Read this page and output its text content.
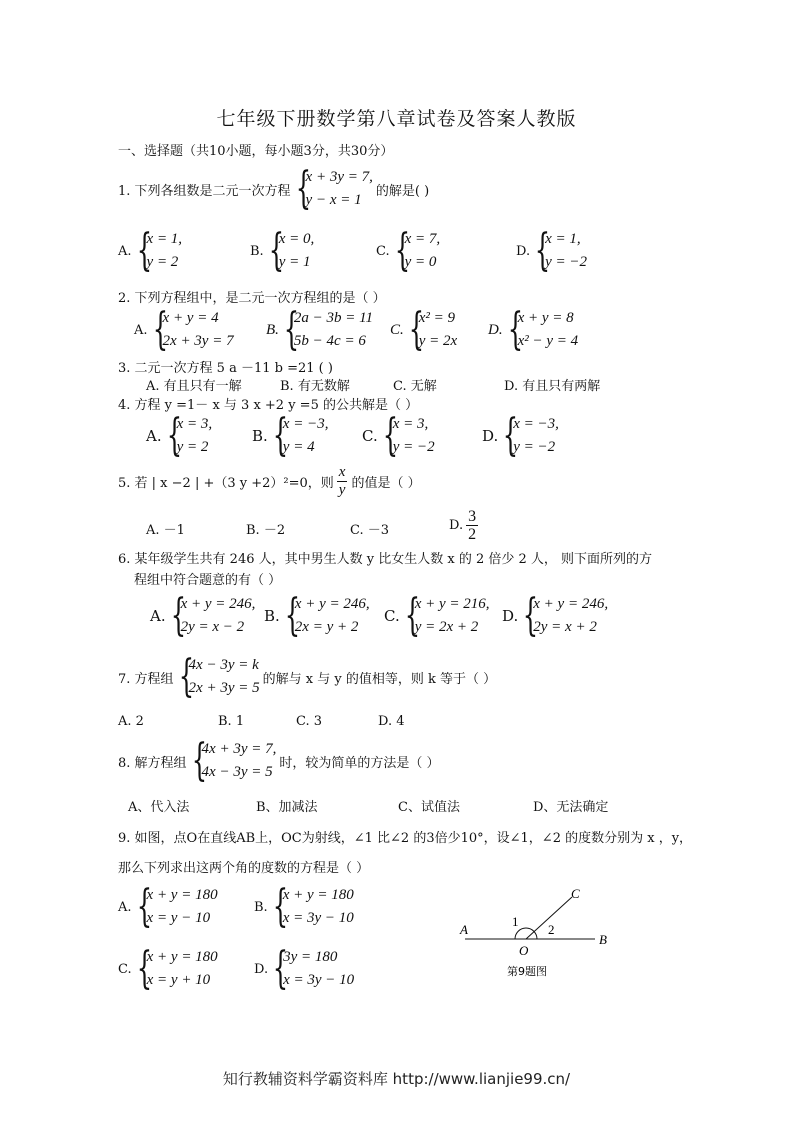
七年级下册数学第八章试卷及答案人教版
一、选择题（共10小题，每小题3分，共30分）
1. 下列各组数是二元一次方程 {
x + 3y = 7,
y − x = 1
的解是( )
A. {
x = 1,
y = 2
B. {
x = 0,
y = 1
C. {
x = 7,
y = 0
D. {
x = 1,
y = −2
2. 下列方程组中，是二元一次方程组的是（ ）
A. {
x + y = 4
2x + 3y = 7
B. {
2a − 3b = 11
5b − 4c = 6
C. {
x² = 9
y = 2x
D. {
x + y = 8
x² − y = 4
3. 二元一次方程 5 a －11 b =21 ( )
A. 有且只有一解	B. 有无数解	C. 无解	D. 有且只有两解
4. 方程 y =1－ x 与 3 x +2 y =5 的公共解是（ ）
A. {
x = 3,
y = 2
B. {
x = −3,
y = 4
C. {
x = 3,
y = −2
D. {
x = −3,
y = −2
5. 若 | x −2 | +（3 y +2）²=0，则 $\frac{x}{y}$ 的值是（ ）
A. －1	B. －2	C. －3	D. $\frac{3}{2}$
6. 某年级学生共有 246 人，其中男生人数 y 比女生人数 x 的 2 倍少 2 人， 则下面所列的方
程组中符合题意的有（ ）
A. {
x + y = 246,
2y = x − 2
B. {
x + y = 246,
2x = y + 2
C. {
x + y = 216,
y = 2x + 2
D. {
x + y = 246,
2y = x + 2
7. 方程组 {
4x − 3y = k
2x + 3y = 5
的解与 x 与 y 的值相等，则 k 等于（ ）
A. 2	B. 1	C. 3	D. 4
8. 解方程组 {
4x + 3y = 7,
4x − 3y = 5
时，较为简单的方法是（ ）
A、代入法	B、加减法	C、试值法	D、无法确定
9. 如图，点O在直线AB上，OC为射线，∠1 比∠2 的3倍少10°，设∠1，∠2 的度数分别为 x ，y，
那么下列求出这两个角的度数的方程是（ ）
A. {
x + y = 180
x = y − 10
B. {
x + y = 180
x = 3y − 10
C. {
x + y = 180
x = y + 10
D. {
3y = 180
x = 3y − 10
A
B
C
O
1
2
第9题图
知行教辅资料学霸资料库 http://www.lianjie99.cn/
